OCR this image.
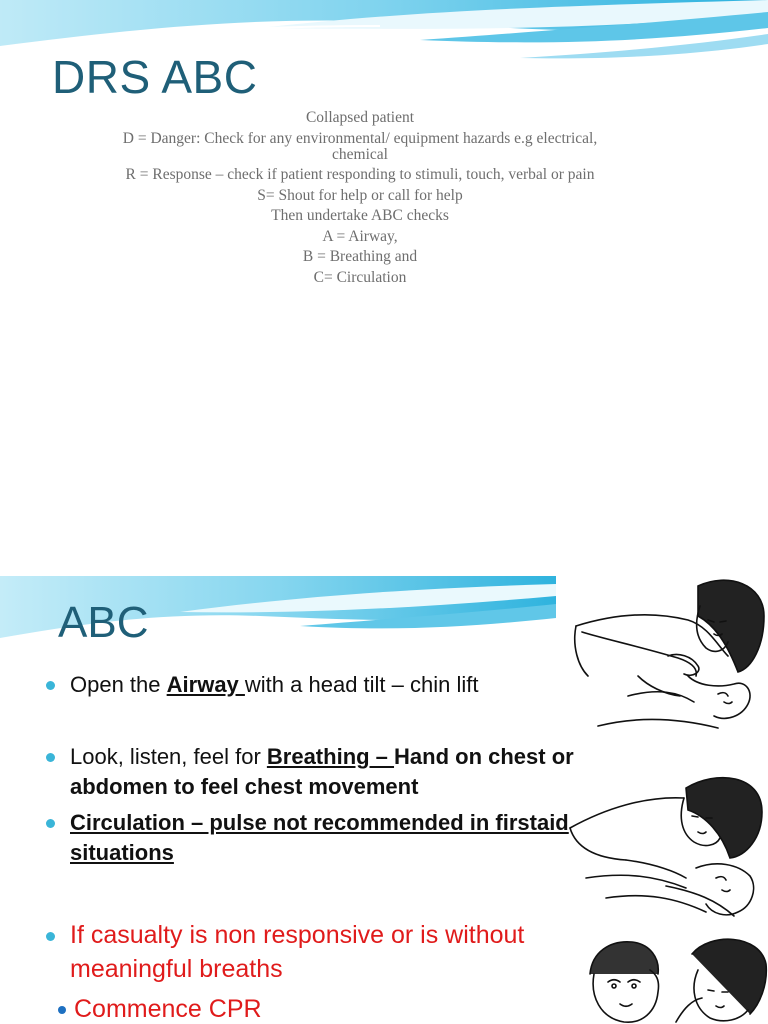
DRS ABC
Collapsed patient
D = Danger: Check for any environmental/ equipment hazards e.g electrical, chemical
R = Response – check if patient responding to stimuli, touch, verbal or pain
S= Shout for help or call for help
Then undertake ABC checks
A = Airway,
B = Breathing and
C= Circulation
ABC
Open the Airway with a head tilt – chin lift
Look, listen, feel for Breathing – Hand on chest or abdomen to feel chest movement
Circulation – pulse not recommended in firstaid situations
If casualty is non responsive or is without meaningful breaths
Commence CPR
